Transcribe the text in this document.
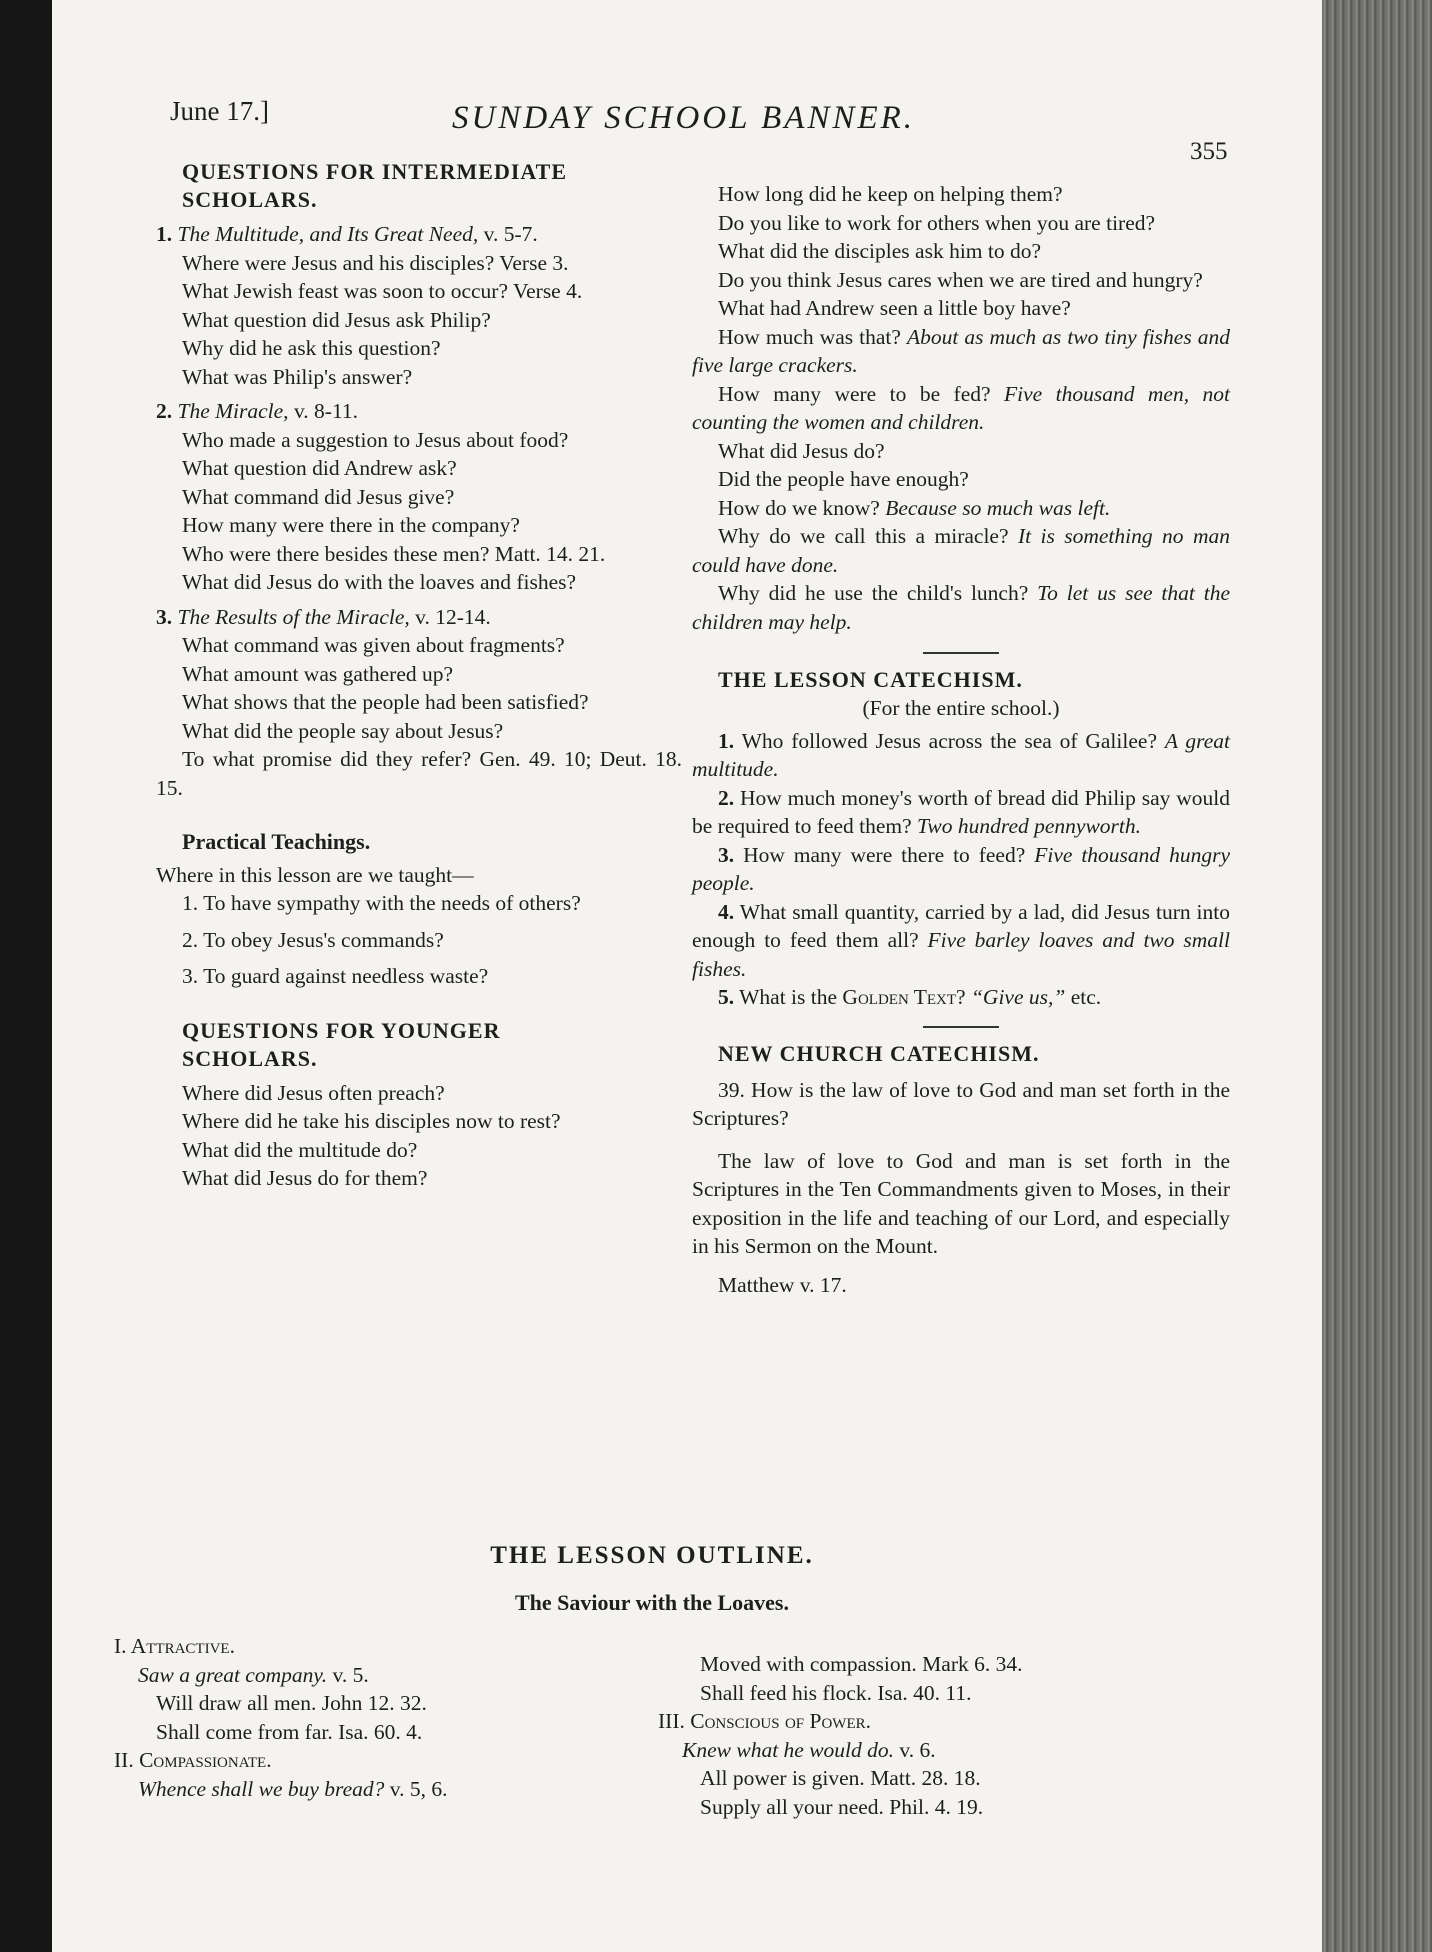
June 17.]	SUNDAY SCHOOL BANNER.
355

QUESTIONS FOR INTERMEDIATE

SCHOLARS.

1. The Multitude, and Its Great Need, v. 5-7.

Where were Jesus and his disciples? Verse 3.

What Jewish feast was soon to occur? Verse 4.

What question did Jesus ask Philip?

Why did he ask this question?

What was Philip's answer?

2. The Miracle, v. 8-11.

Who made a suggestion to Jesus about food?

What question did Andrew ask?

What command did Jesus give?

How many were there in the company?

Who were there besides these men? Matt. 14. 21.

What did Jesus do with the loaves and fishes?

3. The Results of the Miracle, v. 12-14.

What command was given about fragments?

What amount was gathered up?

What shows that the people had been satisfied?

What did the people say about Jesus?

To what promise did they refer? Gen. 49. 10; Deut. 18. 15.

Practical Teachings.

Where in this lesson are we taught—

1. To have sympathy with the needs of others?

2. To obey Jesus's commands?

3. To guard against needless waste?

QUESTIONS FOR YOUNGER

SCHOLARS.

Where did Jesus often preach?

Where did he take his disciples now to rest?

What did the multitude do?

What did Jesus do for them?

How long did he keep on helping them?

Do you like to work for others when you are tired?

What did the disciples ask him to do?

Do you think Jesus cares when we are tired and hungry?

What had Andrew seen a little boy have?

How much was that? About as much as two tiny fishes and five large crackers.

How many were to be fed? Five thousand men, not counting the women and children.

What did Jesus do?

Did the people have enough?

How do we know? Because so much was left.

Why do we call this a miracle? It is something no man could have done.

Why did he use the child's lunch? To let us see that the children may help.

THE LESSON CATECHISM.

(For the entire school.)

1. Who followed Jesus across the sea of Galilee? A great multitude.

2. How much money's worth of bread did Philip say would be required to feed them? Two hundred pennyworth.

3. How many were there to feed? Five thousand hungry people.

4. What small quantity, carried by a lad, did Jesus turn into enough to feed them all? Five barley loaves and two small fishes.

5. What is the Golden Text? “Give us,” etc.

NEW CHURCH CATECHISM.

39. How is the law of love to God and man set forth in the Scriptures?

The law of love to God and man is set forth in the Scriptures in the Ten Commandments given to Moses, in their exposition in the life and teaching of our Lord, and especially in his Sermon on the Mount.

Matthew v. 17.

THE LESSON OUTLINE.
The Saviour with the Loaves.
I. Attractive.
Saw a great company. v. 5.
Will draw all men. John 12. 32.
Shall come from far. Isa. 60. 4.
II. Compassionate.
Whence shall we buy bread? v. 5, 6.
Moved with compassion. Mark 6. 34.
Shall feed his flock. Isa. 40. 11.
III. Conscious of Power.
Knew what he would do. v. 6.
All power is given. Matt. 28. 18.
Supply all your need. Phil. 4. 19.
